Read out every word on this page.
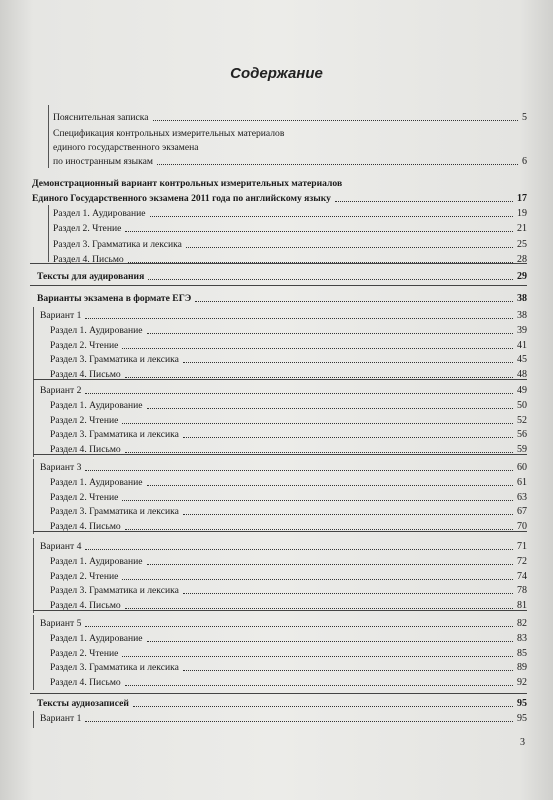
Содержание
Пояснительная записка	5
Спецификация контрольных измерительных материалов
единого государственного экзамена
по иностранным языкам	6
Демонстрационный вариант контрольных измерительных материалов
Единого Государственного экзамена 2011 года по английскому языку	17
Раздел 1. Аудирование	19
Раздел 2. Чтение	21
Раздел 3. Грамматика и лексика	25
Раздел 4. Письмо	28
Тексты для аудирования	29
Варианты экзамена в формате ЕГЭ	38
Вариант 1	38
Раздел 1. Аудирование	39
Раздел 2. Чтение	41
Раздел 3. Грамматика и лексика	45
Раздел 4. Письмо	48
Вариант 2	49
Раздел 1. Аудирование	50
Раздел 2. Чтение	52
Раздел 3. Грамматика и лексика	56
Раздел 4. Письмо	59
Вариант 3	60
Раздел 1. Аудирование	61
Раздел 2. Чтение	63
Раздел 3. Грамматика и лексика	67
Раздел 4. Письмо	70
Вариант 4	71
Раздел 1. Аудирование	72
Раздел 2. Чтение	74
Раздел 3. Грамматика и лексика	78
Раздел 4. Письмо	81
Вариант 5	82
Раздел 1. Аудирование	83
Раздел 2. Чтение	85
Раздел 3. Грамматика и лексика	89
Раздел 4. Письмо	92
Тексты аудиозаписей	95
Вариант 1	95
3
